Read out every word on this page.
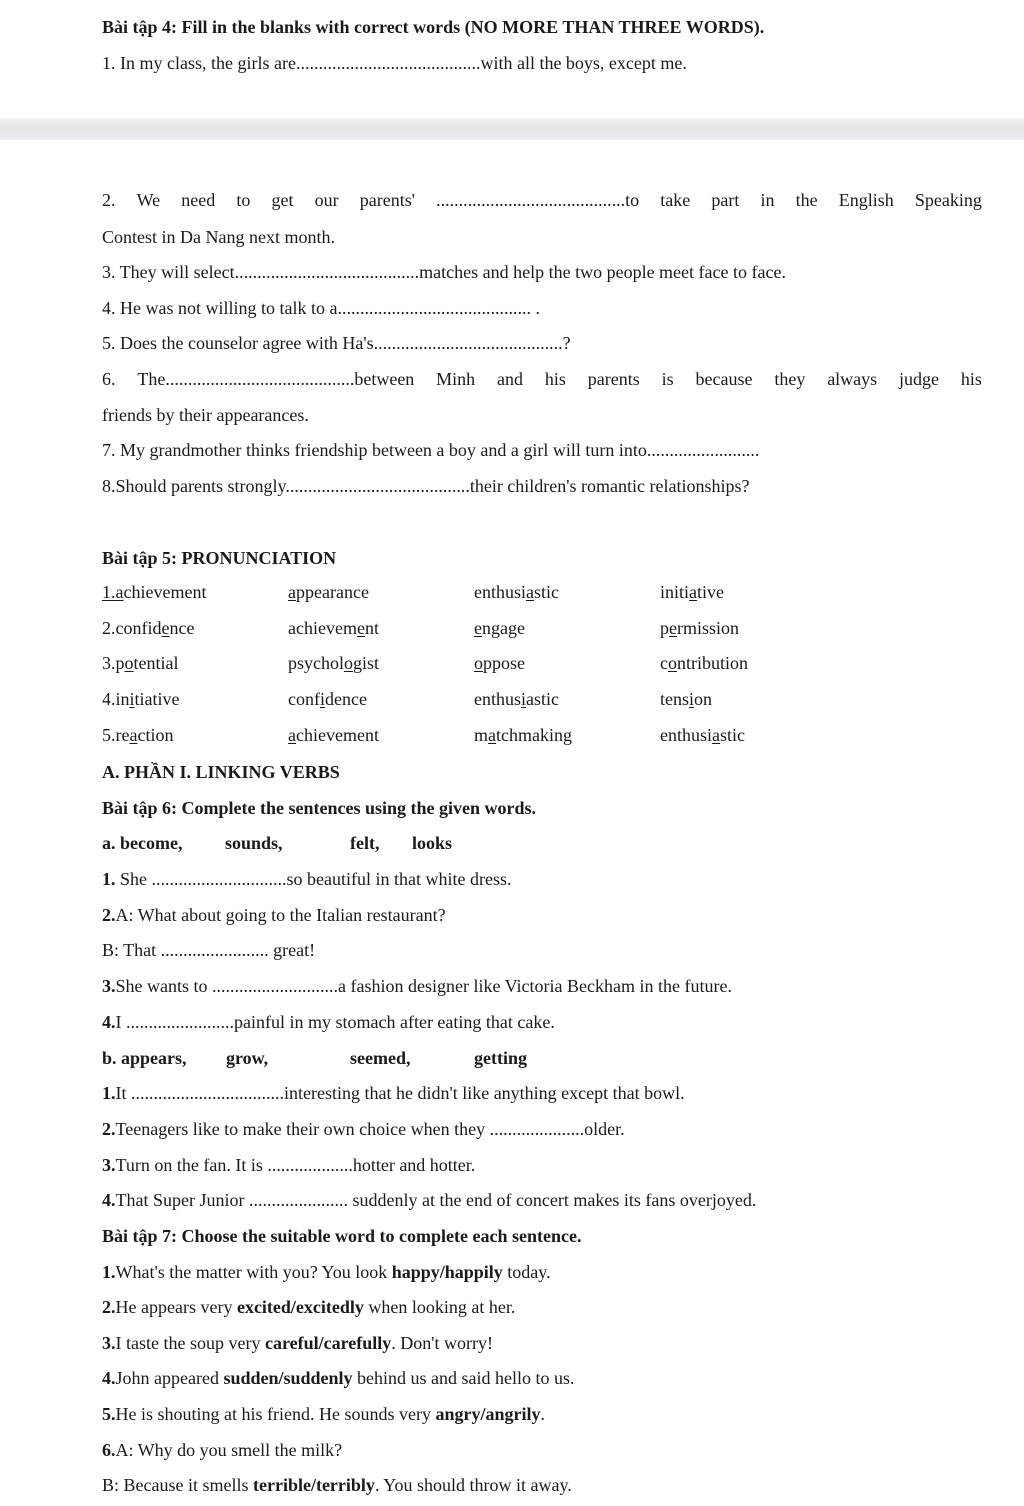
Bài tập 4: Fill in the blanks with correct words (NO MORE THAN THREE WORDS).
1. In my class, the girls are.........................................with all the boys, except me.
2. We need to get our parents' ..........................................to take part in the English Speaking
Contest in Da Nang next month.
3. They will select.........................................matches and help the two people meet face to face.
4. He was not willing to talk to a........................................... .
5. Does the counselor agree with Ha's..........................................?
6. The..........................................between Minh and his parents is because they always judge his
friends by their appearances.
7. My grandmother thinks friendship between a boy and a girl will turn into.........................
8.Should parents strongly.........................................their children's romantic relationships?
Bài tập 5: PRONUNCIATION
1.achievement	appearance	enthusiastic	initiative
2.confidence	achievement	engage	permission
3.potential	psychologist	oppose	contribution
4.initiative	confidence	enthusiastic	tension
5.reaction	achievement	matchmaking	enthusiastic
A. PHẦN I. LINKING VERBS
Bài tập 6: Complete the sentences using the given words.
a. become, sounds,	felt, looks
1. She ..............................so beautiful in that white dress.
2.A: What about going to the Italian restaurant?
B: That ........................ great!
3.She wants to ............................a fashion designer like Victoria Beckham in the future.
4.I ........................painful in my stomach after eating that cake.
b. appears, grow,	seemed,	getting
1.It ..................................interesting that he didn't like anything except that bowl.
2.Teenagers like to make their own choice when they .....................older.
3.Turn on the fan. It is ...................hotter and hotter.
4.That Super Junior ...................... suddenly at the end of concert makes its fans overjoyed.
Bài tập 7: Choose the suitable word to complete each sentence.
1.What's the matter with you? You look happy/happily today.
2.He appears very excited/excitedly when looking at her.
3.I taste the soup very careful/carefully. Don't worry!
4.John appeared sudden/suddenly behind us and said hello to us.
5.He is shouting at his friend. He sounds very angry/angrily.
6.A: Why do you smell the milk?
B: Because it smells terrible/terribly. You should throw it away.
